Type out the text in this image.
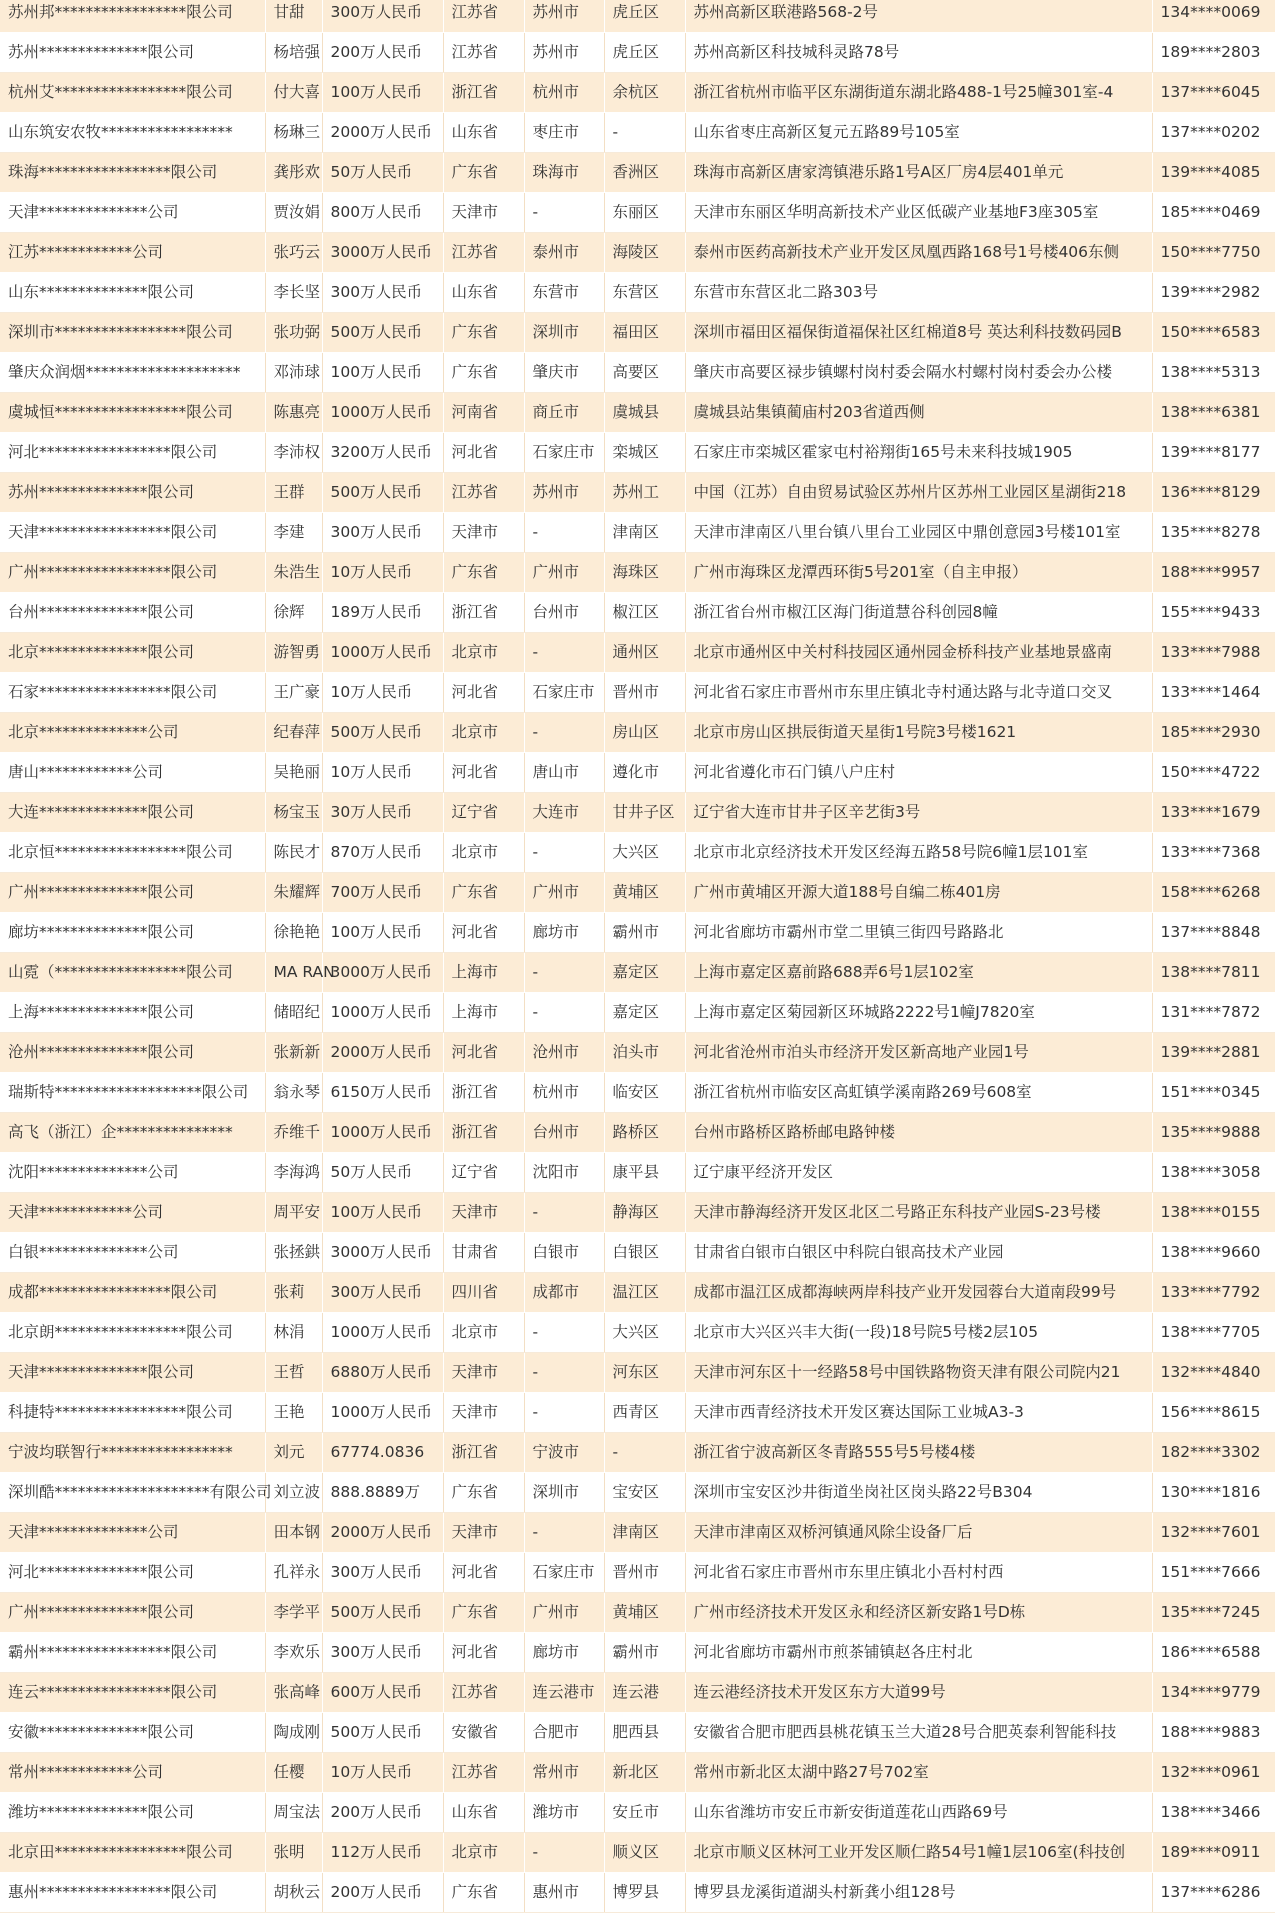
苏州邦*****************限公司	甘甜	300万人民币	江苏省	苏州市	虎丘区	苏州高新区联港路568-2号	134****0069
苏州**************限公司	杨培强	200万人民币	江苏省	苏州市	虎丘区	苏州高新区科技城科灵路78号	189****2803
杭州艾*****************限公司	付大喜	100万人民币	浙江省	杭州市	余杭区	浙江省杭州市临平区东湖街道东湖北路488-1号25幢301室-4	137****6045
山东筑安农牧*****************	杨琳三	2000万人民币	山东省	枣庄市	-	山东省枣庄高新区复元五路89号105室	137****0202
珠海*****************限公司	龚彤欢	50万人民币	广东省	珠海市	香洲区	珠海市高新区唐家湾镇港乐路1号A区厂房4层401单元	139****4085
天津**************公司	贾汝娟	800万人民币	天津市	-	东丽区	天津市东丽区华明高新技术产业区低碳产业基地F3座305室	185****0469
江苏************公司	张巧云	3000万人民币	江苏省	泰州市	海陵区	泰州市医药高新技术产业开发区凤凰西路168号1号楼406东侧	150****7750
山东**************限公司	李长坚	300万人民币	山东省	东营市	东营区	东营市东营区北二路303号	139****2982
深圳市*****************限公司	张功弼	500万人民币	广东省	深圳市	福田区	深圳市福田区福保街道福保社区红棉道8号 英达利科技数码园B	150****6583
肇庆众润烟********************	邓沛球	100万人民币	广东省	肇庆市	高要区	肇庆市高要区禄步镇螺村岗村委会隔水村螺村岗村委会办公楼	138****5313
虞城恒*****************限公司	陈惠亮	1000万人民币	河南省	商丘市	虞城县	虞城县站集镇蔺庙村203省道西侧	138****6381
河北*****************限公司	李沛权	3200万人民币	河北省	石家庄市	栾城区	石家庄市栾城区霍家屯村裕翔街165号未来科技城1905	139****8177
苏州**************限公司	王群	500万人民币	江苏省	苏州市	苏州工	中国（江苏）自由贸易试验区苏州片区苏州工业园区星湖街218	136****8129
天津*****************限公司	李建	300万人民币	天津市	-	津南区	天津市津南区八里台镇八里台工业园区中鼎创意园3号楼101室	135****8278
广州*****************限公司	朱浩生	10万人民币	广东省	广州市	海珠区	广州市海珠区龙潭西环街5号201室（自主申报）	188****9957
台州**************限公司	徐辉	189万人民币	浙江省	台州市	椒江区	浙江省台州市椒江区海门街道慧谷科创园8幢	155****9433
北京**************限公司	游智勇	1000万人民币	北京市	-	通州区	北京市通州区中关村科技园区通州园金桥科技产业基地景盛南	133****7988
石家*****************限公司	王广豪	10万人民币	河北省	石家庄市	晋州市	河北省石家庄市晋州市东里庄镇北寺村通达路与北寺道口交叉	133****1464
北京**************公司	纪春萍	500万人民币	北京市	-	房山区	北京市房山区拱辰街道天星街1号院3号楼1621	185****2930
唐山************公司	吴艳丽	10万人民币	河北省	唐山市	遵化市	河北省遵化市石门镇八户庄村	150****4722
大连**************限公司	杨宝玉	30万人民币	辽宁省	大连市	甘井子区	辽宁省大连市甘井子区辛艺街3号	133****1679
北京恒*****************限公司	陈民才	870万人民币	北京市	-	大兴区	北京市北京经济技术开发区经海五路58号院6幢1层101室	133****7368
广州**************限公司	朱耀辉	700万人民币	广东省	广州市	黄埔区	广州市黄埔区开源大道188号自编二栋401房	158****6268
廊坊**************限公司	徐艳艳	100万人民币	河北省	廊坊市	霸州市	河北省廊坊市霸州市堂二里镇三街四号路路北	137****8848
山霓（*****************限公司	MA RAN	3000万人民币	上海市	-	嘉定区	上海市嘉定区嘉前路688弄6号1层102室	138****7811
上海**************限公司	储昭纪	1000万人民币	上海市	-	嘉定区	上海市嘉定区菊园新区环城路2222号1幢J7820室	131****7872
沧州**************限公司	张新新	2000万人民币	河北省	沧州市	泊头市	河北省沧州市泊头市经济开发区新高地产业园1号	139****2881
瑞斯特*******************限公司	翁永琴	6150万人民币	浙江省	杭州市	临安区	浙江省杭州市临安区高虹镇学溪南路269号608室	151****0345
高飞（浙江）企***************	乔维千	1000万人民币	浙江省	台州市	路桥区	台州市路桥区路桥邮电路钟楼	135****9888
沈阳**************公司	李海鸿	50万人民币	辽宁省	沈阳市	康平县	辽宁康平经济开发区	138****3058
天津************公司	周平安	100万人民币	天津市	-	静海区	天津市静海经济开发区北区二号路正东科技产业园S-23号楼	138****0155
白银**************公司	张拯鉷	3000万人民币	甘肃省	白银市	白银区	甘肃省白银市白银区中科院白银高技术产业园	138****9660
成都*****************限公司	张莉	300万人民币	四川省	成都市	温江区	成都市温江区成都海峡两岸科技产业开发园蓉台大道南段99号	133****7792
北京朗*****************限公司	林涓	1000万人民币	北京市	-	大兴区	北京市大兴区兴丰大街(一段)18号院5号楼2层105	138****7705
天津**************限公司	王哲	6880万人民币	天津市	-	河东区	天津市河东区十一经路58号中国铁路物资天津有限公司院内21	132****4840
科捷特*****************限公司	王艳	1000万人民币	天津市	-	西青区	天津市西青经济技术开发区赛达国际工业城A3-3	156****8615
宁波均联智行*****************	刘元	67774.0836	浙江省	宁波市	-	浙江省宁波高新区冬青路555号5号楼4楼	182****3302
深圳酷********************有限公司	刘立波	888.8889万	广东省	深圳市	宝安区	深圳市宝安区沙井街道坐岗社区岗头路22号B304	130****1816
天津**************公司	田本钢	2000万人民币	天津市	-	津南区	天津市津南区双桥河镇通风除尘设备厂后	132****7601
河北**************限公司	孔祥永	300万人民币	河北省	石家庄市	晋州市	河北省石家庄市晋州市东里庄镇北小吾村村西	151****7666
广州**************限公司	李学平	500万人民币	广东省	广州市	黄埔区	广州市经济技术开发区永和经济区新安路1号D栋	135****7245
霸州*****************限公司	李欢乐	300万人民币	河北省	廊坊市	霸州市	河北省廊坊市霸州市煎茶铺镇赵各庄村北	186****6588
连云*****************限公司	张高峰	600万人民币	江苏省	连云港市	连云港	连云港经济技术开发区东方大道99号	134****9779
安徽**************限公司	陶成刚	500万人民币	安徽省	合肥市	肥西县	安徽省合肥市肥西县桃花镇玉兰大道28号合肥英泰利智能科技	188****9883
常州************公司	任樱	10万人民币	江苏省	常州市	新北区	常州市新北区太湖中路27号702室	132****0961
潍坊**************限公司	周宝法	200万人民币	山东省	潍坊市	安丘市	山东省潍坊市安丘市新安街道莲花山西路69号	138****3466
北京田*****************限公司	张明	112万人民币	北京市	-	顺义区	北京市顺义区林河工业开发区顺仁路54号1幢1层106室(科技创	189****0911
惠州*****************限公司	胡秋云	200万人民币	广东省	惠州市	博罗县	博罗县龙溪街道湖头村新龚小组128号	137****6286
